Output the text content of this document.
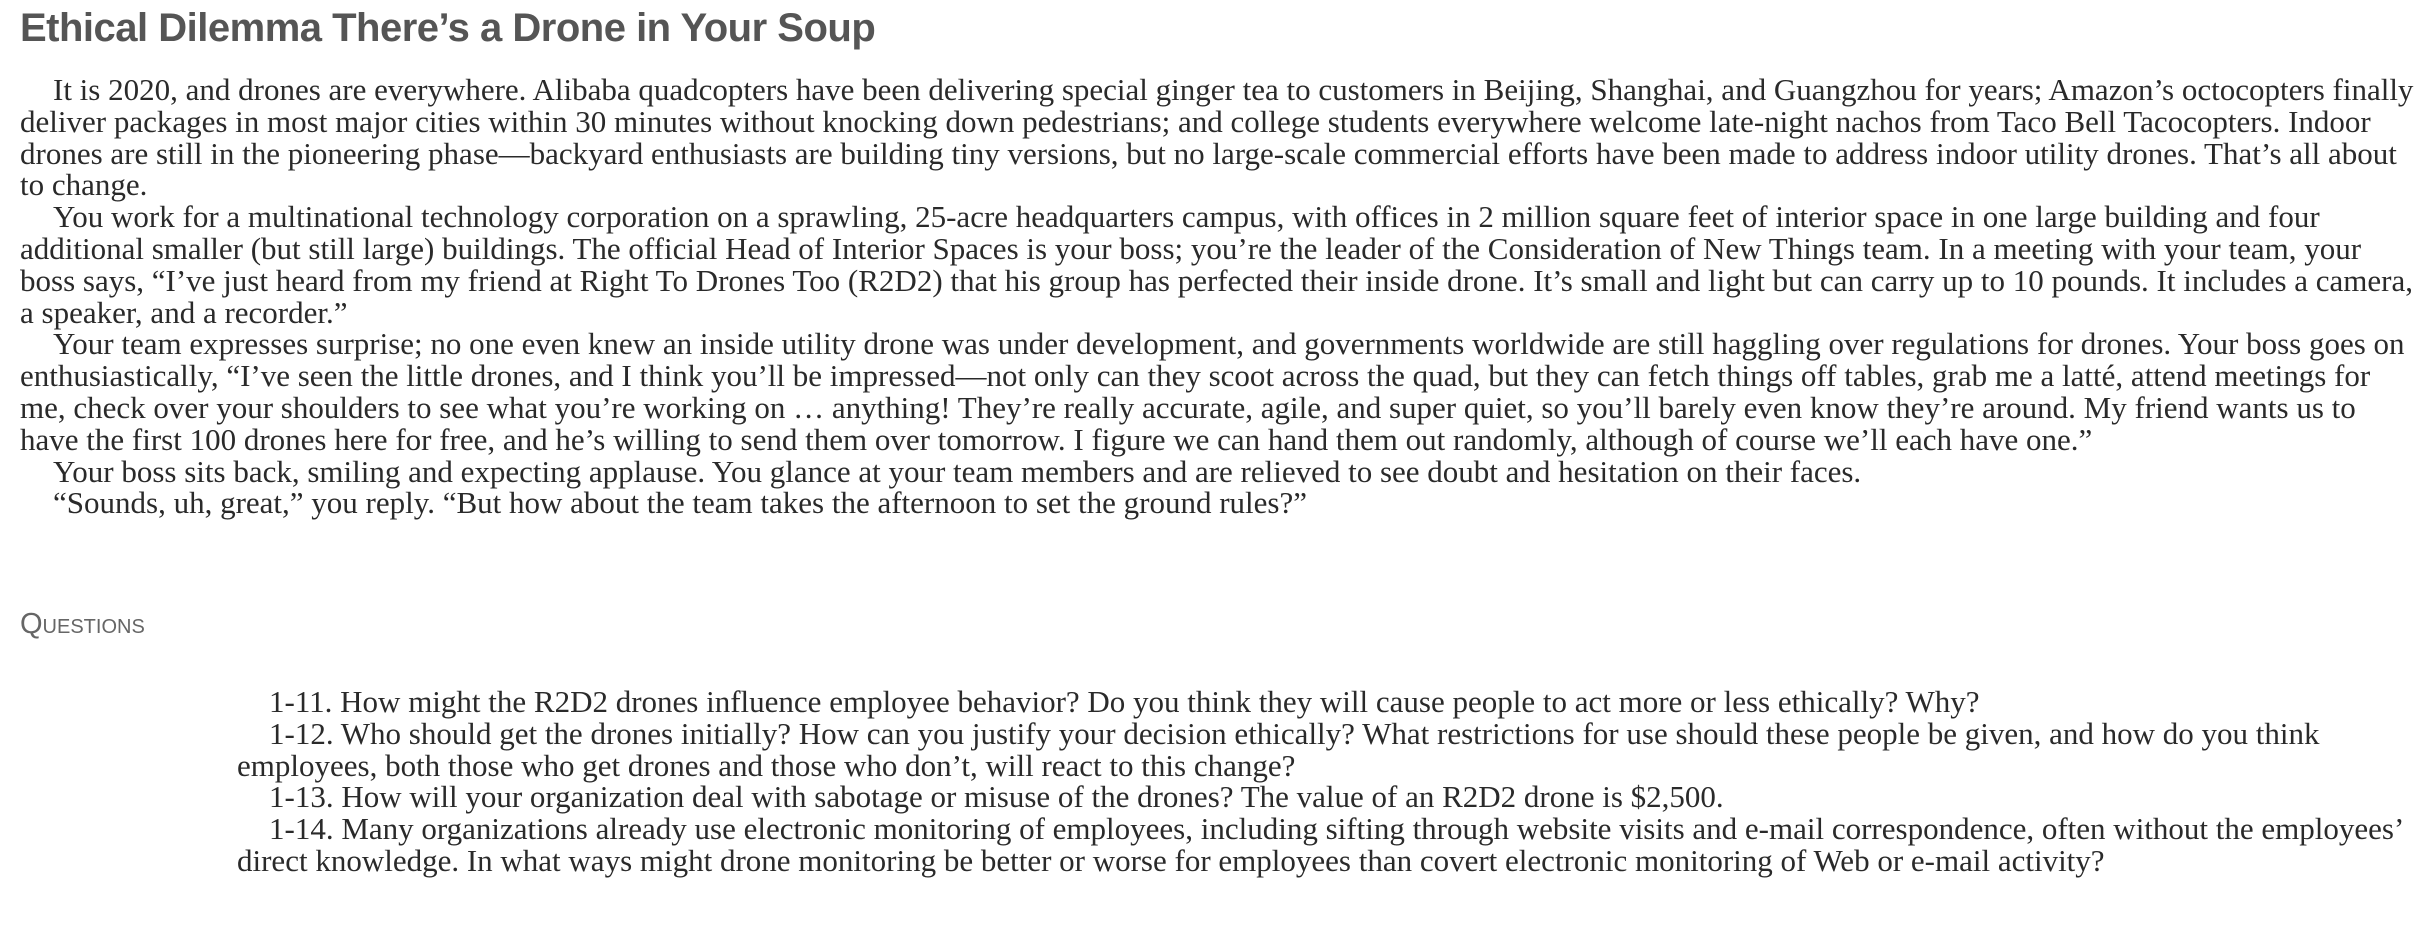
Ethical Dilemma There’s a Drone in Your Soup

It is 2020, and drones are everywhere. Alibaba quadcopters have been delivering special ginger tea to customers in Beijing, Shanghai, and Guangzhou for years; Amazon’s octocopters finally deliver packages in most major cities within 30 minutes without knocking down pedestrians; and college students everywhere welcome late-night nachos from Taco Bell Tacocopters. Indoor drones are still in the pioneering phase—backyard enthusiasts are building tiny versions, but no large-scale commercial efforts have been made to address indoor utility drones. That’s all about to change.

You work for a multinational technology corporation on a sprawling, 25-acre headquarters campus, with offices in 2 million square feet of interior space in one large building and four additional smaller (but still large) buildings. The official Head of Interior Spaces is your boss; you’re the leader of the Consideration of New Things team. In a meeting with your team, your boss says, “I’ve just heard from my friend at Right To Drones Too (R2D2) that his group has perfected their inside drone. It’s small and light but can carry up to 10 pounds. It includes a camera, a speaker, and a recorder.”

Your team expresses surprise; no one even knew an inside utility drone was under development, and governments worldwide are still haggling over regulations for drones. Your boss goes on enthusiastically, “I’ve seen the little drones, and I think you’ll be impressed—not only can they scoot across the quad, but they can fetch things off tables, grab me a latté, attend meetings for me, check over your shoulders to see what you’re working on … anything! They’re really accurate, agile, and super quiet, so you’ll barely even know they’re around. My friend wants us to have the first 100 drones here for free, and he’s willing to send them over tomorrow. I figure we can hand them out randomly, although of course we’ll each have one.”

Your boss sits back, smiling and expecting applause. You glance at your team members and are relieved to see doubt and hesitation on their faces.

“Sounds, uh, great,” you reply. “But how about the team takes the afternoon to set the ground rules?”

Questions

1-11. How might the R2D2 drones influence employee behavior? Do you think they will cause people to act more or less ethically? Why?

1-12. Who should get the drones initially? How can you justify your decision ethically? What restrictions for use should these people be given, and how do you think employees, both those who get drones and those who don’t, will react to this change?

1-13. How will your organization deal with sabotage or misuse of the drones? The value of an R2D2 drone is $2,500.

1-14. Many organizations already use electronic monitoring of employees, including sifting through website visits and e-mail correspondence, often without the employees’ direct knowledge. In what ways might drone monitoring be better or worse for employees than covert electronic monitoring of Web or e-mail activity?
